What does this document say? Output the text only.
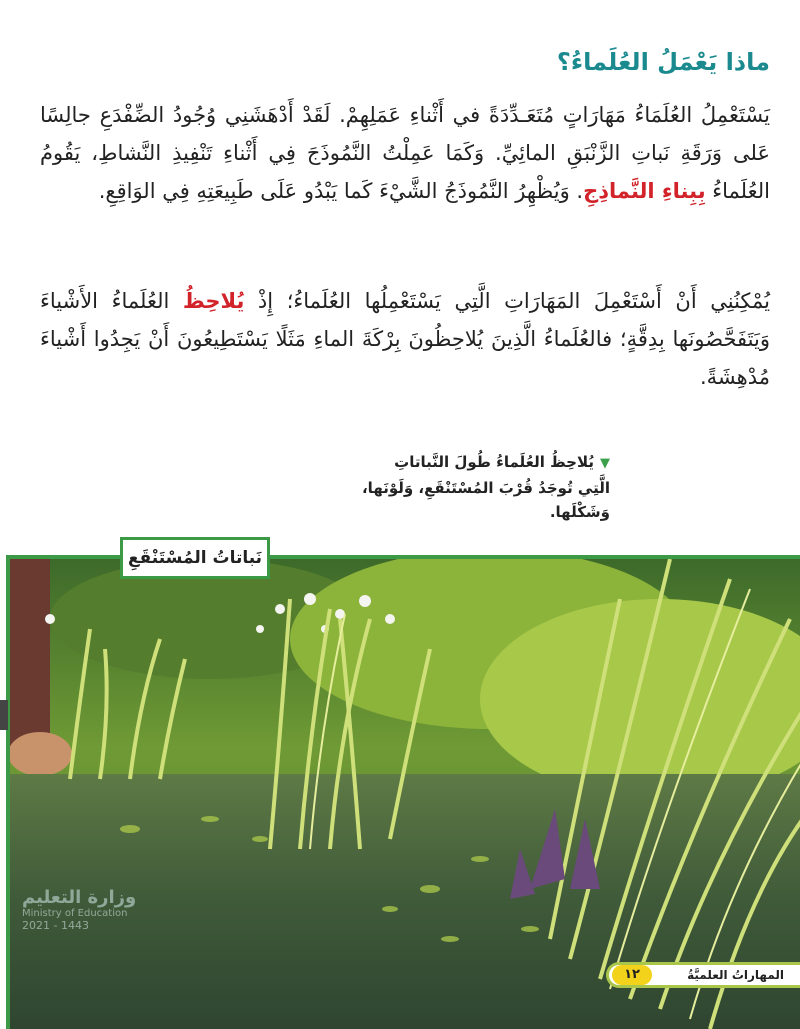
ماذا يَعْمَلُ العُلَماءُ؟
يَسْتَعْمِلُ العُلَمَاءُ مَهَارَاتٍ مُتَعَـدِّدَةً في أَثْناءِ عَمَلِهِمْ. لَقَدْ أَدْهَشَنِي وُجُودُ الضِّفْدَعِ جالِسًا عَلى وَرَقَةِ نَباتِ الزَّنْبَقِ المائِيِّ. وَكَمَا عَمِلْتُ النَّمُوذَجَ فِي أَثْناءِ تَنْفِيذِ النَّشاطِ، يَقُومُ العُلَماءُ بِبِناءِ النَّماذِجِ. وَيُظْهِرُ النَّمُوذَجُ الشَّيْءَ كَما يَبْدُو عَلَى طَبِيعَتِهِ فِي الوَاقِعِ.
يُمْكِنُنِي أَنْ أَسْتَعْمِلَ المَهَارَاتِ الَّتِي يَسْتَعْمِلُها العُلَماءُ؛ إِذْ يُلاحِظُ العُلَماءُ الأَشْياءَ وَيَتَفَحَّصُونَها بِدِقَّةٍ؛ فالعُلَماءُ الَّذِينَ يُلاحِظُونَ بِرْكَةَ الماءِ مَثَلًا يَسْتَطِيعُونَ أَنْ يَجِدُوا أَشْياءَ مُدْهِشَةً.
▼يُلاحِظُ العُلَماءُ طُولَ النَّباتاتِ الَّتِي تُوجَدُ قُرْبَ المُسْتَنْقَعِ، وَلَوْنَها، وَشَكْلَها.
نَباتاتُ المُسْتَنْقَعِ
وزارة التعليم
Ministry of Education
2021 - 1443
المهاراتُ العلميَّةُ
١٢
